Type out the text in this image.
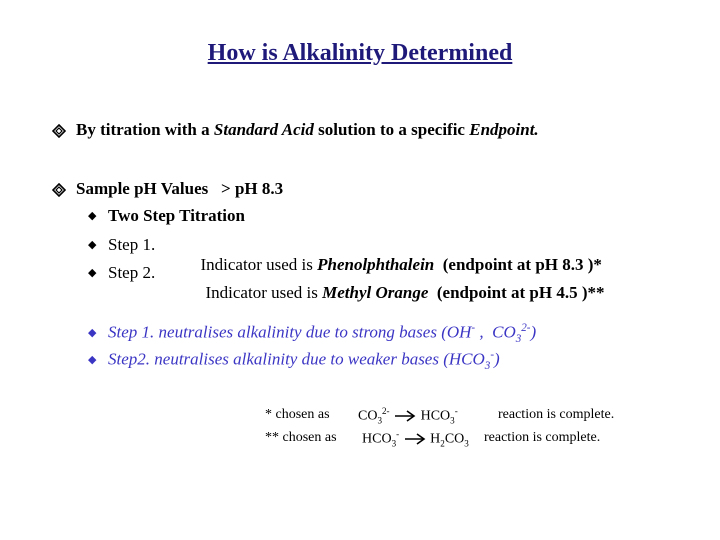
How is Alkalinity Determined
By titration with a Standard Acid solution to a specific Endpoint.
Sample pH Values   > pH 8.3
◆ Two Step Titration
◆ Step 1.

Indicator used is Phenolphthalein  (endpoint at pH 8.3 )*

◆ Step 2.

Indicator used is Methyl Orange  (endpoint at pH 4.5 )**

◆ Step 1. neutralises alkalinity due to strong bases (OH- ,  $CO_3^{2-}$)
◆ Step2. neutralises alkalinity due to weaker bases $(HCO_3^-)$
* chosen as $CO_3^{2-}$ $HCO_3^-$	reaction is complete.
** chosen as $HCO_3^-$ $H_2CO_3$ reaction is complete.
